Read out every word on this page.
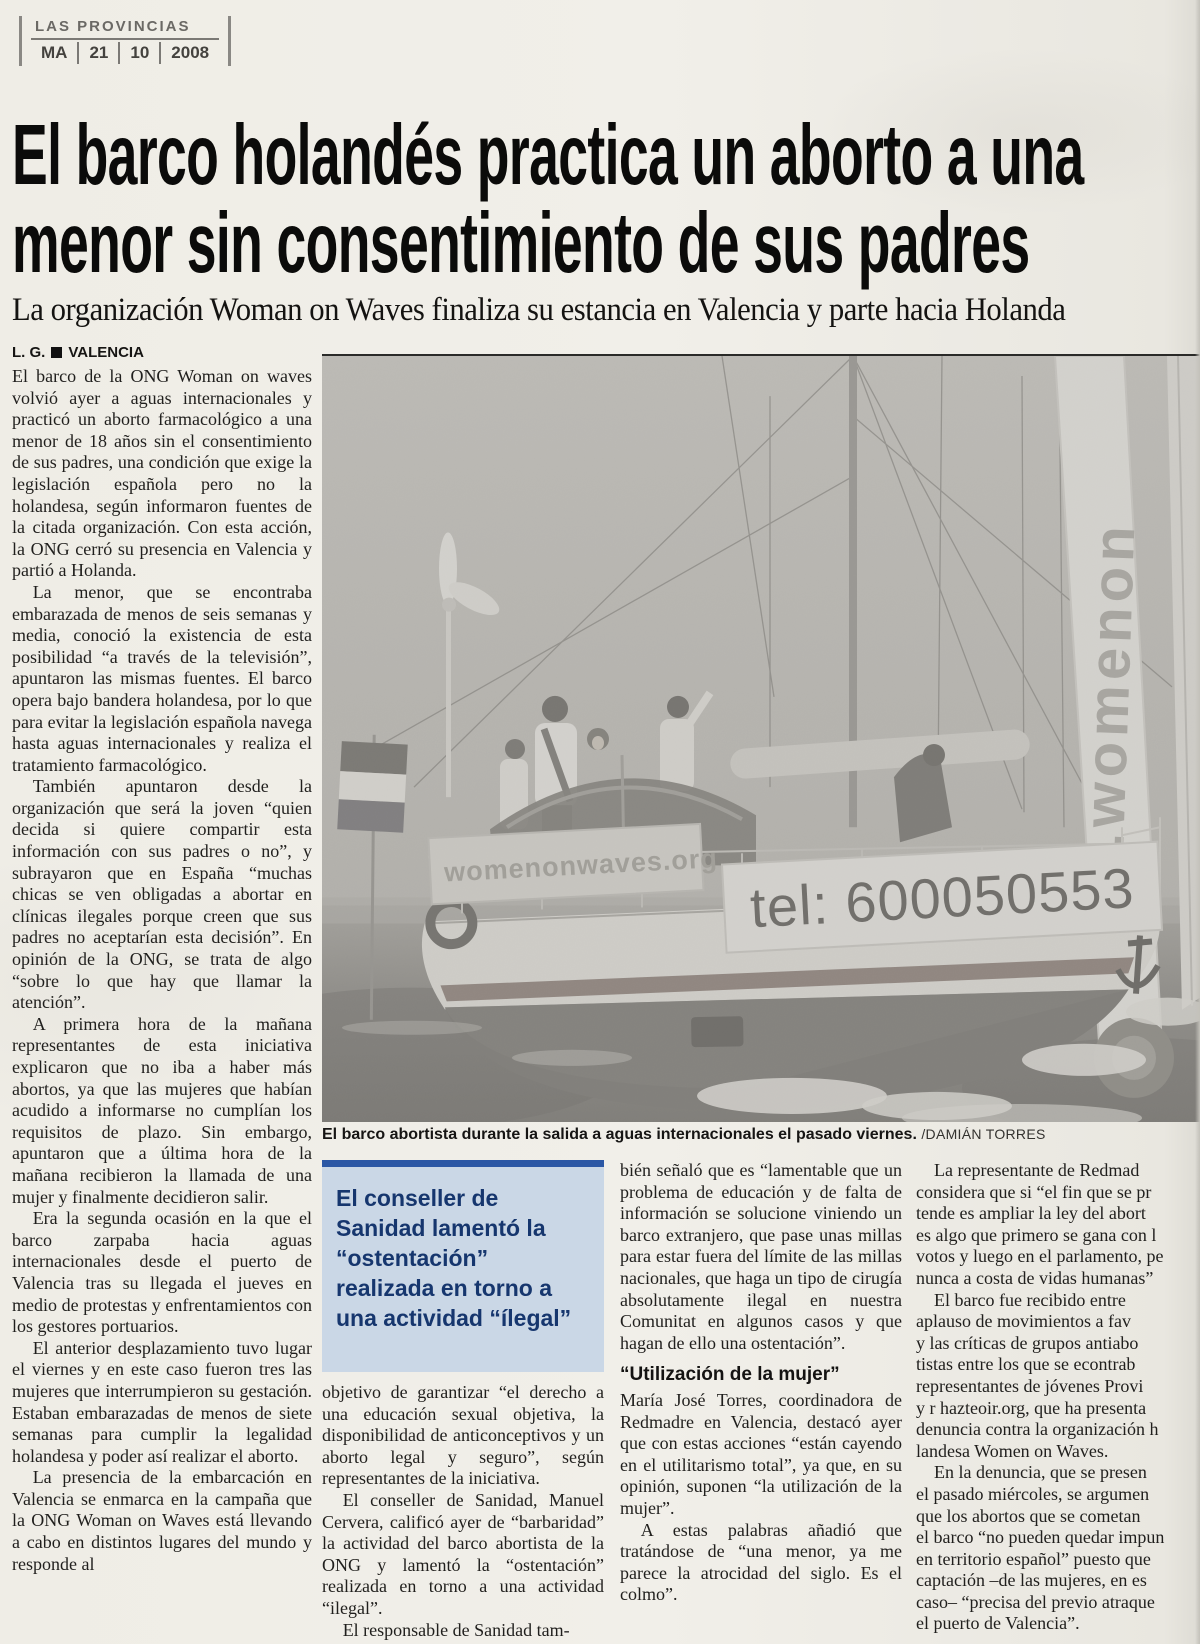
LAS PROVINCIAS
MA	21	10	2008
El barco holandés practica un aborto a una
menor sin consentimiento de sus padres
La organización Woman on Waves finaliza su estancia en Valencia y parte hacia Holanda
L. G. VALENCIA
El barco abortista durante la salida a aguas internacionales el pasado viernes. /DAMIÁN TORRES
El conseller de Sanidad lamentó la “ostentación” realizada en torno a una actividad “ílegal”

El barco de la ONG Woman on waves volvió ayer a aguas internacionales y practicó un aborto farmacológico a una menor de 18 años sin el consentimiento de sus padres, una condición que exige la legislación española pero no la holandesa, según informaron fuentes de la citada organización. Con esta acción, la ONG cerró su presencia en Valencia y partió a Holanda.

La menor, que se encontraba embarazada de menos de seis semanas y media, conoció la existencia de esta posibilidad “a través de la televisión”, apuntaron las mismas fuentes. El barco opera bajo bandera holandesa, por lo que para evitar la legislación española navega hasta aguas internacionales y realiza el tratamiento farmacológico.

También apuntaron desde la organización que será la joven “quien decida si quiere compartir esta información con sus padres o no”, y subrayaron que en España “muchas chicas se ven obligadas a abortar en clínicas ilegales porque creen que sus padres no aceptarían esta decisión”. En opinión de la ONG, se trata de algo “sobre lo que hay que llamar la atención”.

A primera hora de la mañana representantes de esta iniciativa explicaron que no iba a haber más abortos, ya que las mujeres que habían acudido a informarse no cumplían los requisitos de plazo. Sin embargo, apuntaron que a última hora de la mañana recibieron la llamada de una mujer y finalmente decidieron salir.

Era la segunda ocasión en la que el barco zarpaba hacia aguas internacionales desde el puerto de Valencia tras su llegada el jueves en medio de protestas y enfrentamientos con los gestores portuarios.

El anterior desplazamiento tuvo lugar el viernes y en este caso fueron tres las mujeres que interrumpieron su gestación. Estaban embarazadas de menos de siete semanas para cumplir la legalidad holandesa y poder así realizar el aborto.

La presencia de la embarcación en Valencia se enmarca en la campaña que la ONG Woman on Waves está llevando a cabo en distintos lugares del mundo y responde al

objetivo de garantizar “el derecho a una educación sexual objetiva, la disponibilidad de anticonceptivos y un aborto legal y seguro”, según representantes de la iniciativa.

El conseller de Sanidad, Manuel Cervera, calificó ayer de “barbaridad” la actividad del barco abortista de la ONG y lamentó la “ostentación” realizada en torno a una actividad “ilegal”.

El responsable de Sanidad tam-

bién señaló que es “lamentable que un problema de educación y de falta de información se solucione viniendo un barco extranjero, que pase unas millas para estar fuera del límite de las millas nacionales, que haga un tipo de cirugía absolutamente ilegal en nuestra Comunitat en algunos casos y que hagan de ello una ostentación”.

“Utilización de la mujer”

María José Torres, coordinadora de Redmadre en Valencia, destacó ayer que con estas acciones “están cayendo en el utilitarismo total”, ya que, en su opinión, suponen “la utilización de la mujer”.

A estas palabras añadió que tratándose de “una menor, ya me parece la atrocidad del siglo. Es el colmo”.

 La representante de Redmad
considera que si “el fin que se pr
tende es ampliar la ley del abort
es algo que primero se gana con l
votos y luego en el parlamento, pe
nunca a costa de vidas humanas”
 El barco fue recibido entre
aplauso de movimientos a fav
y las críticas de grupos antiabo
tistas entre los que se econtrab
representantes de jóvenes Provi
y r hazteoir.org, que ha presenta
denuncia contra la organización h
landesa Women on Waves.
 En la denuncia, que se presen
el pasado miércoles, se argumen
que los abortos que se cometan
el barco “no pueden quedar impun
en territorio español” puesto que
captación –de las mujeres, en es
caso– “precisa del previo atraque
el puerto de Valencia”.
